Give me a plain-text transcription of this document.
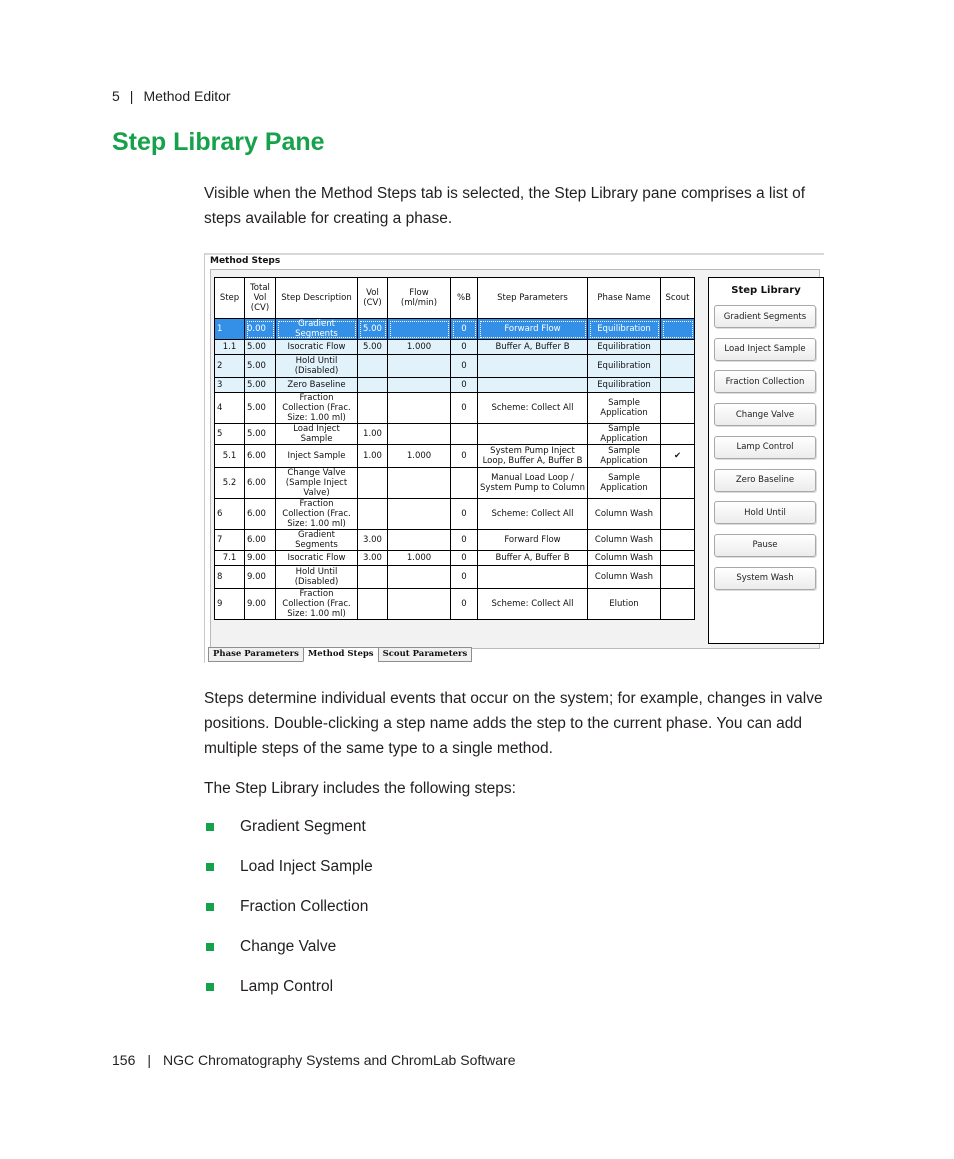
5 | Method Editor
Step Library Pane

Visible when the Method Steps tab is selected, the Step Library pane comprises a list of steps available for creating a phase.

Method Steps
Step	Total Vol (CV)	Step Description	Vol (CV)	Flow (ml/min)	%B	Step Parameters	Phase Name	Scout
1	0.00	Gradient Segments	5.00		0	Forward Flow	Equilibration	
1.1	5.00	Isocratic Flow	5.00	1.000	0	Buffer A, Buffer B	Equilibration	
2	5.00	Hold Until (Disabled)			0		Equilibration	
3	5.00	Zero Baseline			0		Equilibration	
4	5.00	Fraction Collection (Frac. Size: 1.00 ml)			0	Scheme: Collect All	Sample Application	
5	5.00	Load Inject Sample	1.00				Sample Application	
5.1	6.00	Inject Sample	1.00	1.000	0	System Pump Inject Loop, Buffer A, Buffer B	Sample Application	✔
5.2	6.00	Change Valve (Sample Inject Valve)				Manual Load Loop / System Pump to Column	Sample Application	
6	6.00	Fraction Collection (Frac. Size: 1.00 ml)			0	Scheme: Collect All	Column Wash	
7	6.00	Gradient Segments	3.00		0	Forward Flow	Column Wash	
7.1	9.00	Isocratic Flow	3.00	1.000	0	Buffer A, Buffer B	Column Wash	
8	9.00	Hold Until (Disabled)			0		Column Wash	
9	9.00	Fraction Collection (Frac. Size: 1.00 ml)			0	Scheme: Collect All	Elution	
Step Library
Gradient Segments
Load Inject Sample
Fraction Collection
Change Valve
Lamp Control
Zero Baseline
Hold Until
Pause
System Wash
Phase Parameters	Method Steps	Scout Parameters

Steps determine individual events that occur on the system; for example, changes in valve positions. Double-clicking a step name adds the step to the current phase. You can add multiple steps of the same type to a single method.

The Step Library includes the following steps:

Gradient Segment
Load Inject Sample
Fraction Collection
Change Valve
Lamp Control
156 | NGC Chromatography Systems and ChromLab Software
